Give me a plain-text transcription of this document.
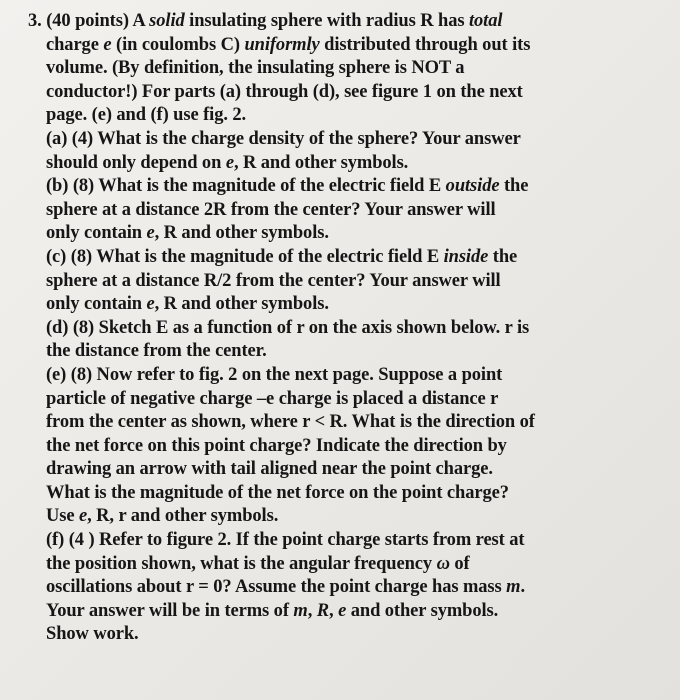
3. (40 points) A solid insulating sphere with radius R has total
charge e (in coulombs C) uniformly distributed through out its
volume. (By definition, the insulating sphere is NOT a
conductor!) For parts (a) through (d), see figure 1 on the next
page. (e) and (f) use fig. 2.
(a) (4) What is the charge density of the sphere? Your answer
should only depend on e, R and other symbols.
(b) (8) What is the magnitude of the electric field E outside the
sphere at a distance 2R from the center? Your answer will
only contain e, R and other symbols.
(c) (8) What is the magnitude of the electric field E inside the
sphere at a distance R/2 from the center? Your answer will
only contain e, R and other symbols.
(d) (8) Sketch E as a function of r on the axis shown below. r is
the distance from the center.
(e) (8) Now refer to fig. 2 on the next page. Suppose a point
particle of negative charge –e charge is placed a distance r
from the center as shown, where r < R. What is the direction of
the net force on this point charge? Indicate the direction by
drawing an arrow with tail aligned near the point charge.
What is the magnitude of the net force on the point charge?
Use e, R, r and other symbols.
(f) (4 ) Refer to figure 2. If the point charge starts from rest at
the position shown, what is the angular frequency ω of
oscillations about r = 0? Assume the point charge has mass m.
Your answer will be in terms of m, R, e and other symbols.
Show work.
